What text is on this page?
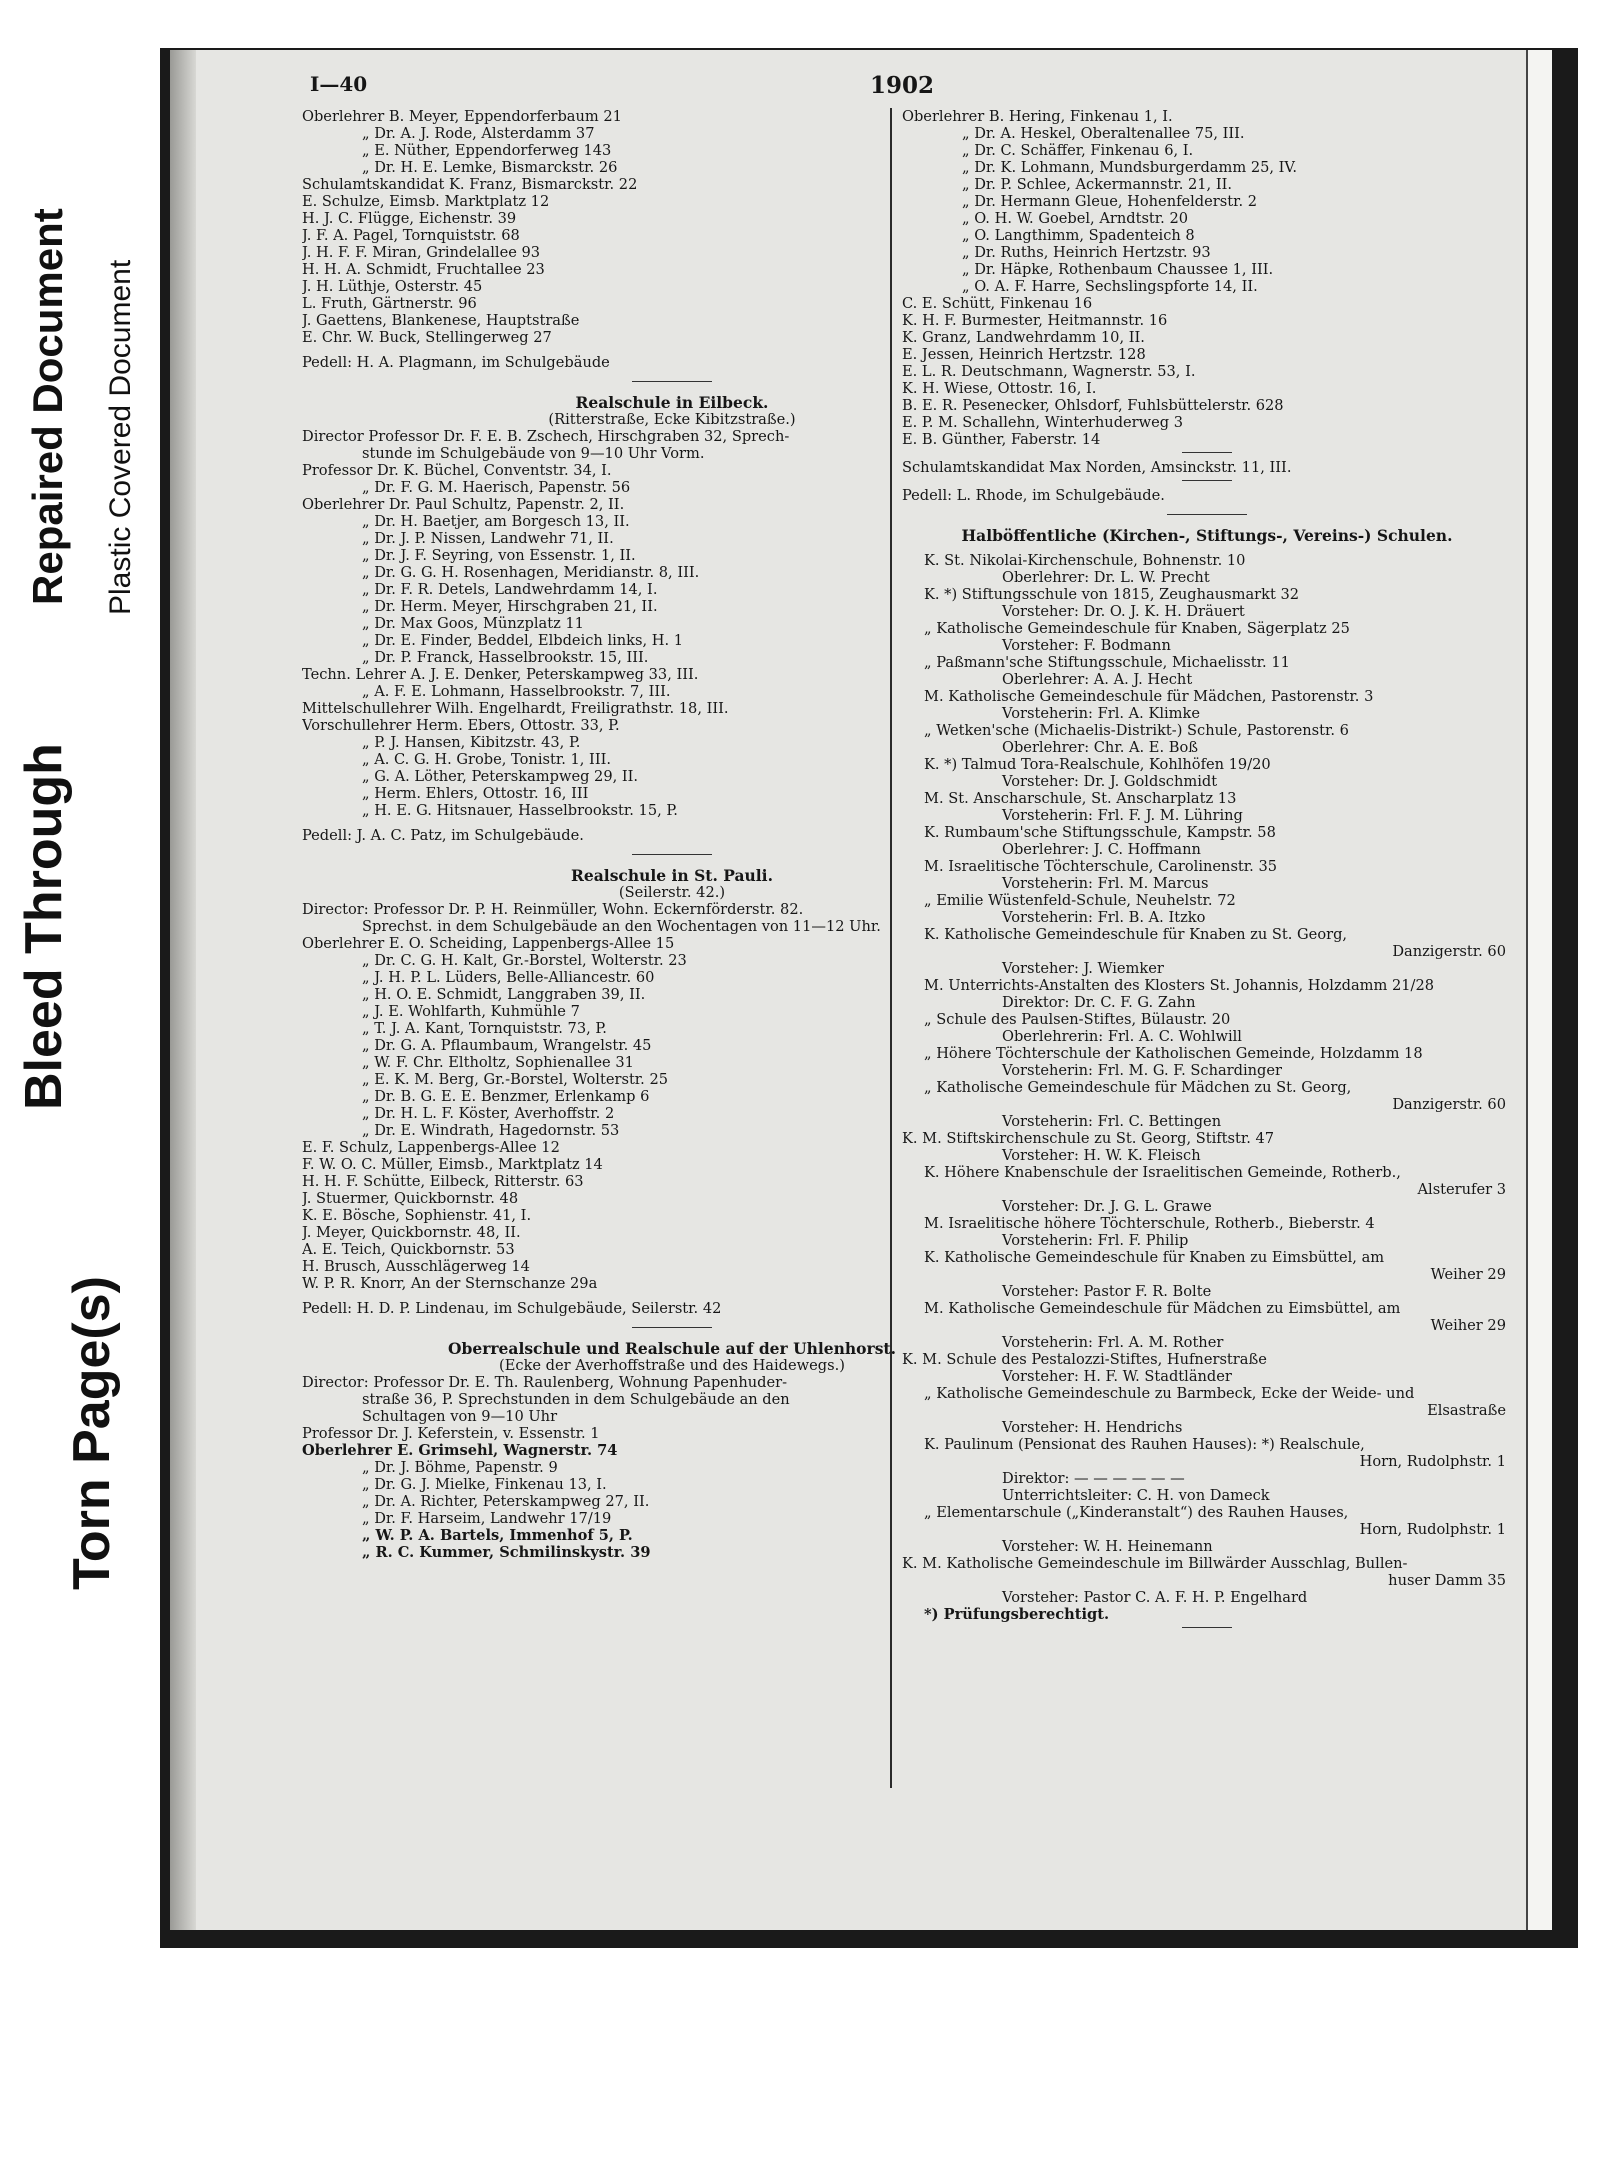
Torn Page(s)
Bleed Through
Repaired Document Plastic Covered Document
I—40	1902
Oberlehrer B. Meyer, Eppendorferbaum 21
„ Dr. A. J. Rode, Alsterdamm 37
„ E. Nüther, Eppendorferweg 143
„ Dr. H. E. Lemke, Bismarckstr. 26
Schulamtskandidat K. Franz, Bismarckstr. 22
E. Schulze, Eimsb. Marktplatz 12
H. J. C. Flügge, Eichenstr. 39
J. F. A. Pagel, Tornquiststr. 68
J. H. F. F. Miran, Grindelallee 93
H. H. A. Schmidt, Fruchtallee 23
J. H. Lüthje, Osterstr. 45
L. Fruth, Gärtnerstr. 96
J. Gaettens, Blankenese, Hauptstraße
E. Chr. W. Buck, Stellingerweg 27
Pedell: H. A. Plagmann, im Schulgebäude
Realschule in Eilbeck.
(Ritterstraße, Ecke Kibitzstraße.)
Director Professor Dr. F. E. B. Zschech, Hirschgraben 32, Sprech-
stunde im Schulgebäude von 9—10 Uhr Vorm.
Professor Dr. K. Büchel, Conventstr. 34, I.
„ Dr. F. G. M. Haerisch, Papenstr. 56
Oberlehrer Dr. Paul Schultz, Papenstr. 2, II.
„ Dr. H. Baetjer, am Borgesch 13, II.
„ Dr. J. P. Nissen, Landwehr 71, II.
„ Dr. J. F. Seyring, von Essenstr. 1, II.
„ Dr. G. G. H. Rosenhagen, Meridianstr. 8, III.
„ Dr. F. R. Detels, Landwehrdamm 14, I.
„ Dr. Herm. Meyer, Hirschgraben 21, II.
„ Dr. Max Goos, Münzplatz 11
„ Dr. E. Finder, Beddel, Elbdeich links, H. 1
„ Dr. P. Franck, Hasselbrookstr. 15, III.
Techn. Lehrer A. J. E. Denker, Peterskampweg 33, III.
„ A. F. E. Lohmann, Hasselbrookstr. 7, III.
Mittelschullehrer Wilh. Engelhardt, Freiligrathstr. 18, III.
Vorschullehrer Herm. Ebers, Ottostr. 33, P.
„ P. J. Hansen, Kibitzstr. 43, P.
„ A. C. G. H. Grobe, Tonistr. 1, III.
„ G. A. Löther, Peterskampweg 29, II.
„ Herm. Ehlers, Ottostr. 16, III
„ H. E. G. Hitsnauer, Hasselbrookstr. 15, P.
Pedell: J. A. C. Patz, im Schulgebäude.
Realschule in St. Pauli.
(Seilerstr. 42.)
Director: Professor Dr. P. H. Reinmüller, Wohn. Eckernförderstr. 82.
Sprechst. in dem Schulgebäude an den Wochentagen von 11—12 Uhr.
Oberlehrer E. O. Scheiding, Lappenbergs-Allee 15
„ Dr. C. G. H. Kalt, Gr.-Borstel, Wolterstr. 23
„ J. H. P. L. Lüders, Belle-Alliancestr. 60
„ H. O. E. Schmidt, Langgraben 39, II.
„ J. E. Wohlfarth, Kuhmühle 7
„ T. J. A. Kant, Tornquiststr. 73, P.
„ Dr. G. A. Pflaumbaum, Wrangelstr. 45
„ W. F. Chr. Eltholtz, Sophienallee 31
„ E. K. M. Berg, Gr.-Borstel, Wolterstr. 25
„ Dr. B. G. E. E. Benzmer, Erlenkamp 6
„ Dr. H. L. F. Köster, Averhoffstr. 2
„ Dr. E. Windrath, Hagedornstr. 53
E. F. Schulz, Lappenbergs-Allee 12
F. W. O. C. Müller, Eimsb., Marktplatz 14
H. H. F. Schütte, Eilbeck, Ritterstr. 63
J. Stuermer, Quickbornstr. 48
K. E. Bösche, Sophienstr. 41, I.
J. Meyer, Quickbornstr. 48, II.
A. E. Teich, Quickbornstr. 53
H. Brusch, Ausschlägerweg 14
W. P. R. Knorr, An der Sternschanze 29a
Pedell: H. D. P. Lindenau, im Schulgebäude, Seilerstr. 42
Oberrealschule und Realschule auf der Uhlenhorst.
(Ecke der Averhoffstraße und des Haidewegs.)
Director: Professor Dr. E. Th. Raulenberg, Wohnung Papenhuder-
straße 36, P. Sprechstunden in dem Schulgebäude an den
Schultagen von 9—10 Uhr
Professor Dr. J. Keferstein, v. Essenstr. 1
Oberlehrer E. Grimsehl, Wagnerstr. 74
„ Dr. J. Böhme, Papenstr. 9
„ Dr. G. J. Mielke, Finkenau 13, I.
„ Dr. A. Richter, Peterskampweg 27, II.
„ Dr. F. Harseim, Landwehr 17/19
„ W. P. A. Bartels, Immenhof 5, P.
„ R. C. Kummer, Schmilinskystr. 39
Oberlehrer B. Hering, Finkenau 1, I.
„ Dr. A. Heskel, Oberaltenallee 75, III.
„ Dr. C. Schäffer, Finkenau 6, I.
„ Dr. K. Lohmann, Mundsburgerdamm 25, IV.
„ Dr. P. Schlee, Ackermannstr. 21, II.
„ Dr. Hermann Gleue, Hohenfelderstr. 2
„ O. H. W. Goebel, Arndtstr. 20
„ O. Langthimm, Spadenteich 8
„ Dr. Ruths, Heinrich Hertzstr. 93
„ Dr. Häpke, Rothenbaum Chaussee 1, III.
„ O. A. F. Harre, Sechslingspforte 14, II.
C. E. Schütt, Finkenau 16
K. H. F. Burmester, Heitmannstr. 16
K. Granz, Landwehrdamm 10, II.
E. Jessen, Heinrich Hertzstr. 128
E. L. R. Deutschmann, Wagnerstr. 53, I.
K. H. Wiese, Ottostr. 16, I.
B. E. R. Pesenecker, Ohlsdorf, Fuhlsbüttelerstr. 628
E. P. M. Schallehn, Winterhuderweg 3
E. B. Günther, Faberstr. 14
Schulamtskandidat Max Norden, Amsinckstr. 11, III.
Pedell: L. Rhode, im Schulgebäude.
Halböffentliche (Kirchen-, Stiftungs-, Vereins-) Schulen.
K. St. Nikolai-Kirchenschule, Bohnenstr. 10
Oberlehrer: Dr. L. W. Precht
K. *) Stiftungsschule von 1815, Zeughausmarkt 32
Vorsteher: Dr. O. J. K. H. Dräuert
„ Katholische Gemeindeschule für Knaben, Sägerplatz 25
Vorsteher: F. Bodmann
„ Paßmann'sche Stiftungsschule, Michaelisstr. 11
Oberlehrer: A. A. J. Hecht
M. Katholische Gemeindeschule für Mädchen, Pastorenstr. 3
Vorsteherin: Frl. A. Klimke
„ Wetken'sche (Michaelis-Distrikt-) Schule, Pastorenstr. 6
Oberlehrer: Chr. A. E. Boß
K. *) Talmud Tora-Realschule, Kohlhöfen 19/20
Vorsteher: Dr. J. Goldschmidt
M. St. Anscharschule, St. Anscharplatz 13
Vorsteherin: Frl. F. J. M. Lühring
K. Rumbaum'sche Stiftungsschule, Kampstr. 58
Oberlehrer: J. C. Hoffmann
M. Israelitische Töchterschule, Carolinenstr. 35
Vorsteherin: Frl. M. Marcus
„ Emilie Wüstenfeld-Schule, Neuhelstr. 72
Vorsteherin: Frl. B. A. Itzko
K. Katholische Gemeindeschule für Knaben zu St. Georg,
Danzigerstr. 60
Vorsteher: J. Wiemker
M. Unterrichts-Anstalten des Klosters St. Johannis, Holzdamm 21/28
Direktor: Dr. C. F. G. Zahn
„ Schule des Paulsen-Stiftes, Bülaustr. 20
Oberlehrerin: Frl. A. C. Wohlwill
„ Höhere Töchterschule der Katholischen Gemeinde, Holzdamm 18
Vorsteherin: Frl. M. G. F. Schardinger
„ Katholische Gemeindeschule für Mädchen zu St. Georg,
Danzigerstr. 60
Vorsteherin: Frl. C. Bettingen
K. M. Stiftskirchenschule zu St. Georg, Stiftstr. 47
Vorsteher: H. W. K. Fleisch
K. Höhere Knabenschule der Israelitischen Gemeinde, Rotherb.,
Alsterufer 3
Vorsteher: Dr. J. G. L. Grawe
M. Israelitische höhere Töchterschule, Rotherb., Bieberstr. 4
Vorsteherin: Frl. F. Philip
K. Katholische Gemeindeschule für Knaben zu Eimsbüttel, am
Weiher 29
Vorsteher: Pastor F. R. Bolte
M. Katholische Gemeindeschule für Mädchen zu Eimsbüttel, am
Weiher 29
Vorsteherin: Frl. A. M. Rother
K. M. Schule des Pestalozzi-Stiftes, Hufnerstraße
Vorsteher: H. F. W. Stadtländer
„ Katholische Gemeindeschule zu Barmbeck, Ecke der Weide- und
Elsastraße
Vorsteher: H. Hendrichs
K. Paulinum (Pensionat des Rauhen Hauses): *) Realschule,
Horn, Rudolphstr. 1
Direktor: — — — — — —
Unterrichtsleiter: C. H. von Dameck
„ Elementarschule („Kinderanstalt“) des Rauhen Hauses,
Horn, Rudolphstr. 1
Vorsteher: W. H. Heinemann
K. M. Katholische Gemeindeschule im Billwärder Ausschlag, Bullen-
huser Damm 35
Vorsteher: Pastor C. A. F. H. P. Engelhard
*) Prüfungsberechtigt.
